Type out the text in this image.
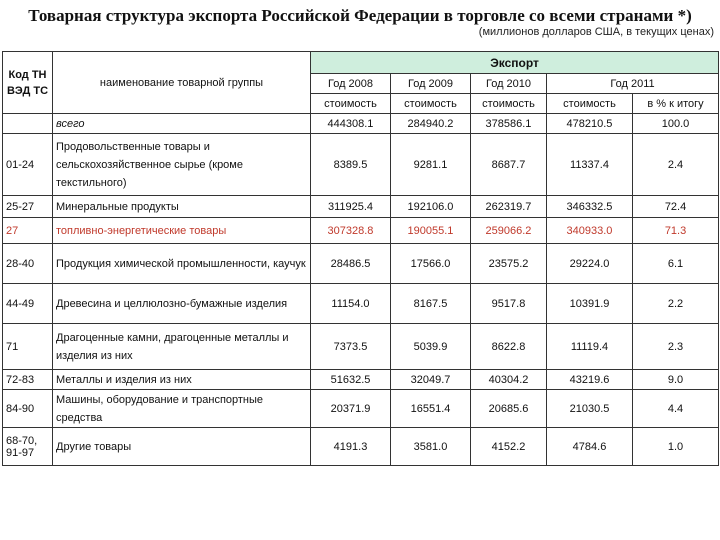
Товарная структура экспорта Российской Федерации в торговле со всеми странами *)
(миллионов долларов США, в текущих ценах)
Код ТН ВЭД ТС	наименование товарной группы	Экспорт				
		Год 2008	Год 2009	Год 2010	Год 2011	
		стоимость	стоимость	стоимость	стоимость	в % к итогу
	всего	444308.1	284940.2	378586.1	478210.5	100.0
01-24	Продовольственные товары и сельскохозяйственное сырье (кроме текстильного)	8389.5	9281.1	8687.7	11337.4	2.4
25-27	Минеральные продукты	311925.4	192106.0	262319.7	346332.5	72.4
27	топливно-энергетические товары	307328.8	190055.1	259066.2	340933.0	71.3
28-40	Продукция химической промышленности, каучук	28486.5	17566.0	23575.2	29224.0	6.1
44-49	Древесина и целлюлозно-бумажные изделия	11154.0	8167.5	9517.8	10391.9	2.2
71	Драгоценные камни, драгоценные металлы и изделия из них	7373.5	5039.9	8622.8	11119.4	2.3
72-83	Металлы и изделия из них	51632.5	32049.7	40304.2	43219.6	9.0
84-90	Машины, оборудование и транспортные средства	20371.9	16551.4	20685.6	21030.5	4.4
68-70, 91-97	Другие товары	4191.3	3581.0	4152.2	4784.6	1.0
